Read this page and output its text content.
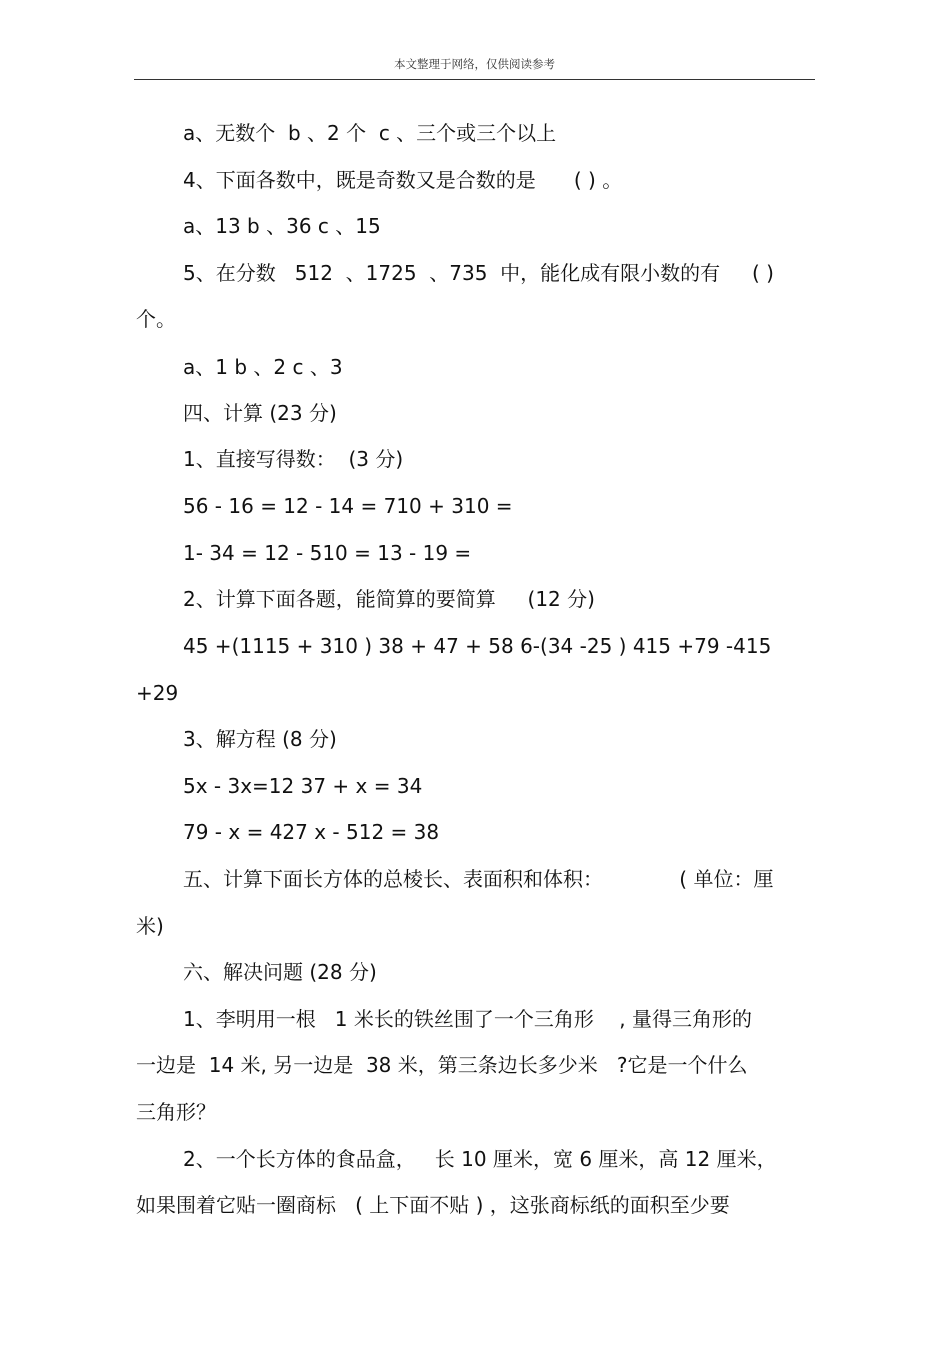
本文整理于网络，仅供阅读参考
a、无数个  b 、2 个  c 、三个或三个以上
4、下面各数中，既是奇数又是合数的是      ( ) 。
a、13 b 、36 c 、15
5、在分数   512  、1725  、735  中，能化成有限小数的有     ( )
个。
a、1 b 、2 c 、3
四、计算 (23 分)
1、直接写得数：  (3 分)
56 - 16 = 12 - 14 = 710 + 310 =
1- 34 = 12 - 510 = 13 - 19 =
2、计算下面各题，能简算的要简算     (12 分)
45 +(1115 + 310 ) 38 + 47 + 58 6-(34 -25 ) 415 +79 -415
+29
3、解方程 (8 分)
5x - 3x=12 37 + x = 34
79 - x = 427 x - 512 = 38
五、计算下面长方体的总棱长、表面积和体积：            ( 单位：厘
米)
六、解决问题 (28 分)
1、李明用一根   1 米长的铁丝围了一个三角形    , 量得三角形的
一边是  14 米, 另一边是  38 米，第三条边长多少米   ?它是一个什么
三角形？
2、一个长方体的食品盒，   长 10 厘米，宽 6 厘米，高 12 厘米，
如果围着它贴一圈商标   ( 上下面不贴 ) ，这张商标纸的面积至少要
